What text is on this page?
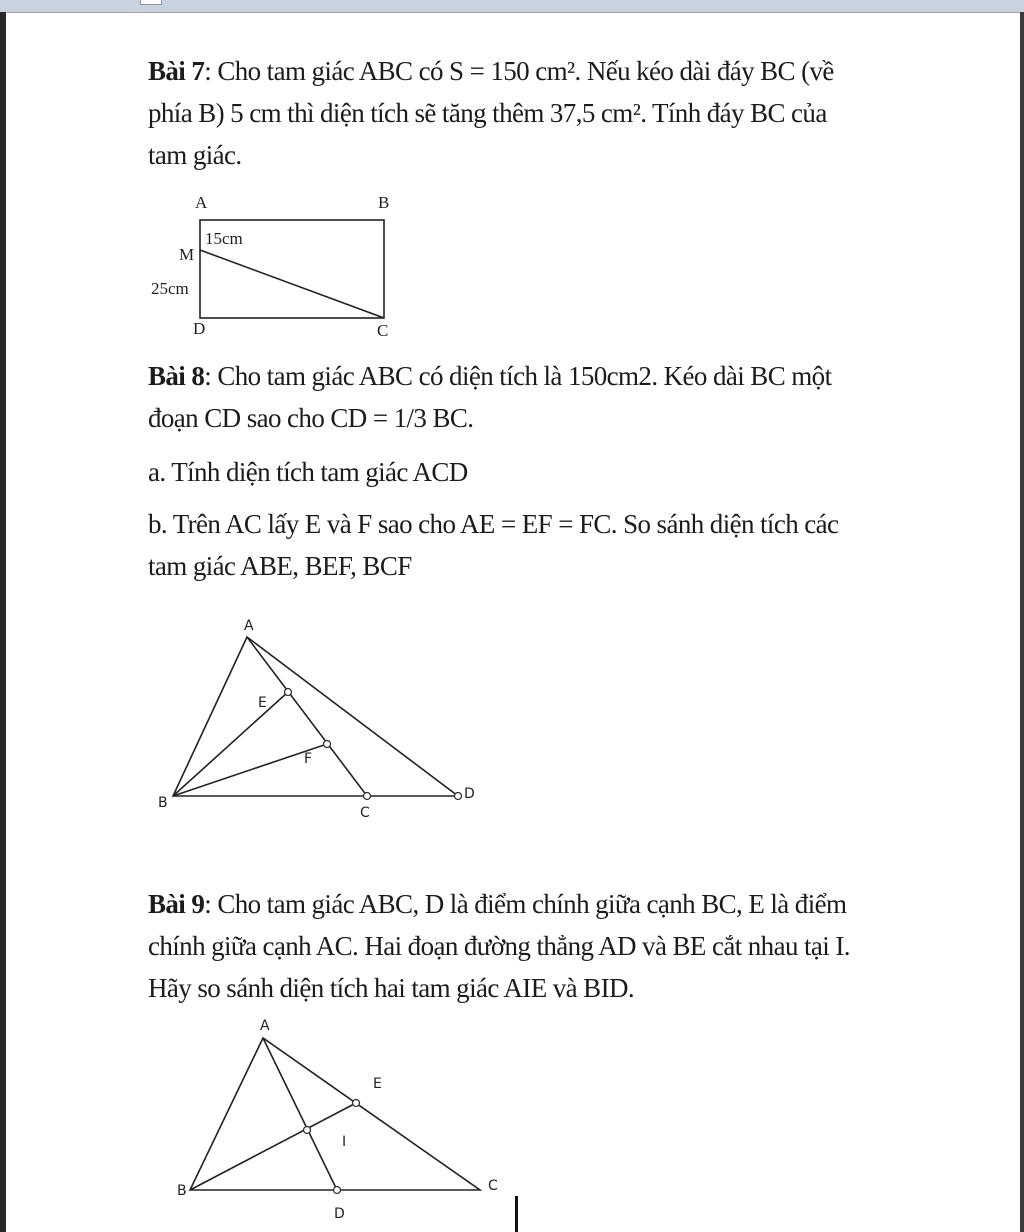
Bài 7: Cho tam giác ABC có S = 150 cm². Nếu kéo dài đáy BC (về

phía B) 5 cm thì diện tích sẽ tăng thêm 37,5 cm². Tính đáy BC của

tam giác.

A	B
C
D
M
15cm
25cm

Bài 8: Cho tam giác ABC có diện tích là 150cm2. Kéo dài BC một

đoạn CD sao cho CD = 1/3 BC.

a. Tính diện tích tam giác ACD

b. Trên AC lấy E và F sao cho AE = EF = FC. So sánh diện tích các

tam giác ABE, BEF, BCF

A
B
C
D
E
F

Bài 9: Cho tam giác ABC, D là điểm chính giữa cạnh BC, E là điểm

chính giữa cạnh AC. Hai đoạn đường thẳng AD và BE cắt nhau tại I.

Hãy so sánh diện tích hai tam giác AIE và BID.

A
B	C
D
E
I
